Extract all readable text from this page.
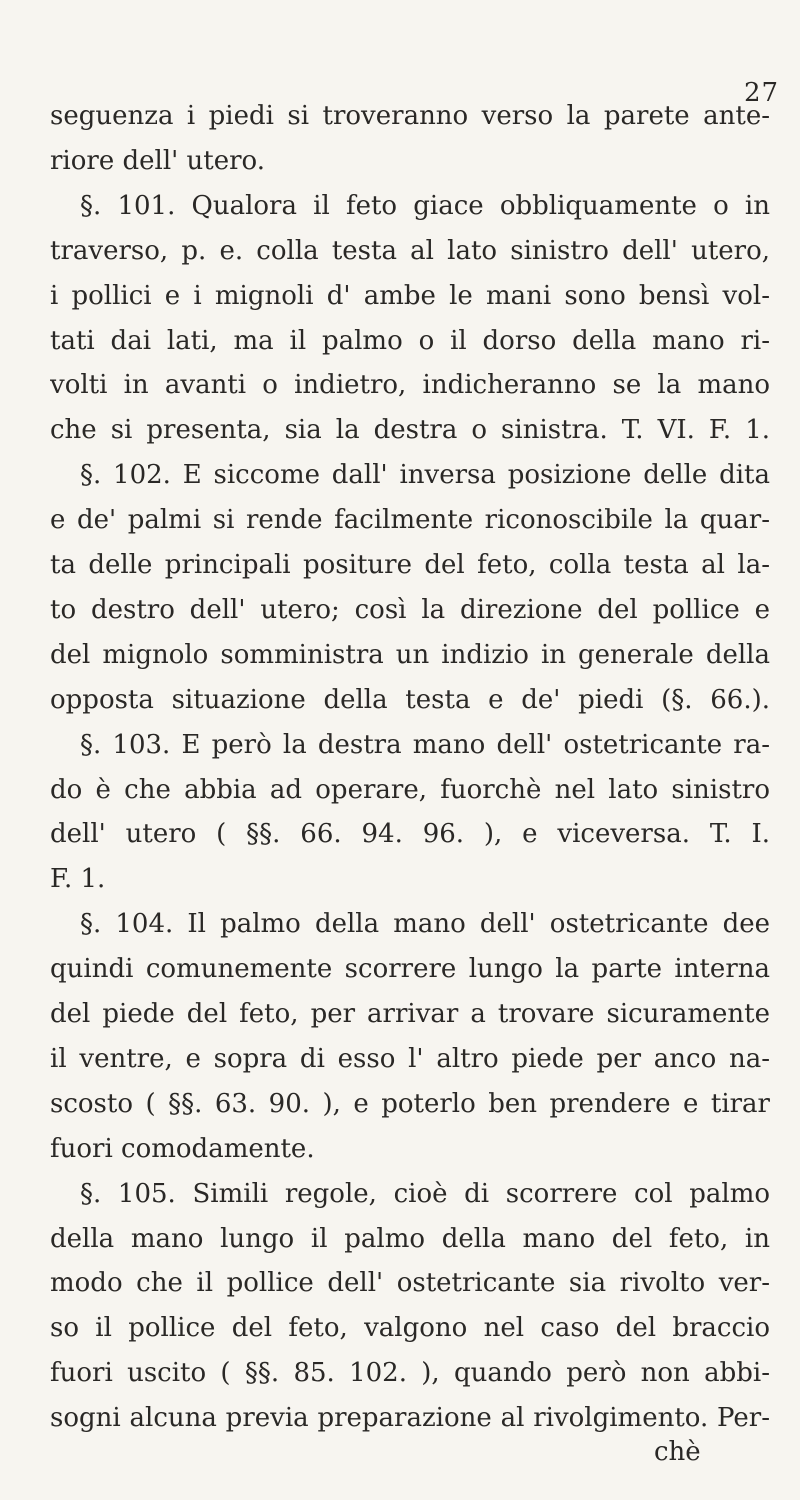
27
seguenza i piedi si troveranno verso la parete ante-
riore dell' utero.
§. 101. Qualora il feto giace obbliquamente o in
traverso, p. e. colla testa al lato sinistro dell' utero,
i pollici e i mignoli d' ambe le mani sono bensì vol-
tati dai lati, ma il palmo o il dorso della mano ri-
volti in avanti o indietro, indicheranno se la mano
che si presenta, sia la destra o sinistra. T. VI. F. 1.
§. 102. E siccome dall' inversa posizione delle dita
e de' palmi si rende facilmente riconoscibile la quar-
ta delle principali positure del feto, colla testa al la-
to destro dell' utero; così la direzione del pollice e
del mignolo somministra un indizio in generale della
opposta situazione della testa e de' piedi (§. 66.).
§. 103. E però la destra mano dell' ostetricante ra-
do è che abbia ad operare, fuorchè nel lato sinistro
dell' utero ( §§. 66. 94. 96. ), e viceversa. T. I.
F. 1.
§. 104. Il palmo della mano dell' ostetricante dee
quindi comunemente scorrere lungo la parte interna
del piede del feto, per arrivar a trovare sicuramente
il ventre, e sopra di esso l' altro piede per anco na-
scosto ( §§. 63. 90. ), e poterlo ben prendere e tirar
fuori comodamente.
§. 105. Simili regole, cioè di scorrere col palmo
della mano lungo il palmo della mano del feto, in
modo che il pollice dell' ostetricante sia rivolto ver-
so il pollice del feto, valgono nel caso del braccio
fuori uscito ( §§. 85. 102. ), quando però non abbi-
sogni alcuna previa preparazione al rivolgimento. Per-
chè
